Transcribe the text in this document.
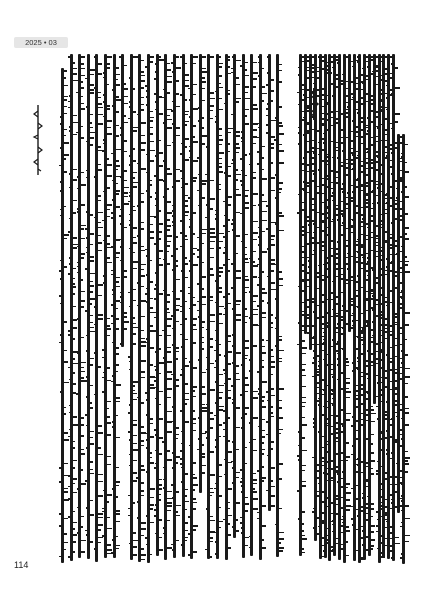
2025 • 03
114
